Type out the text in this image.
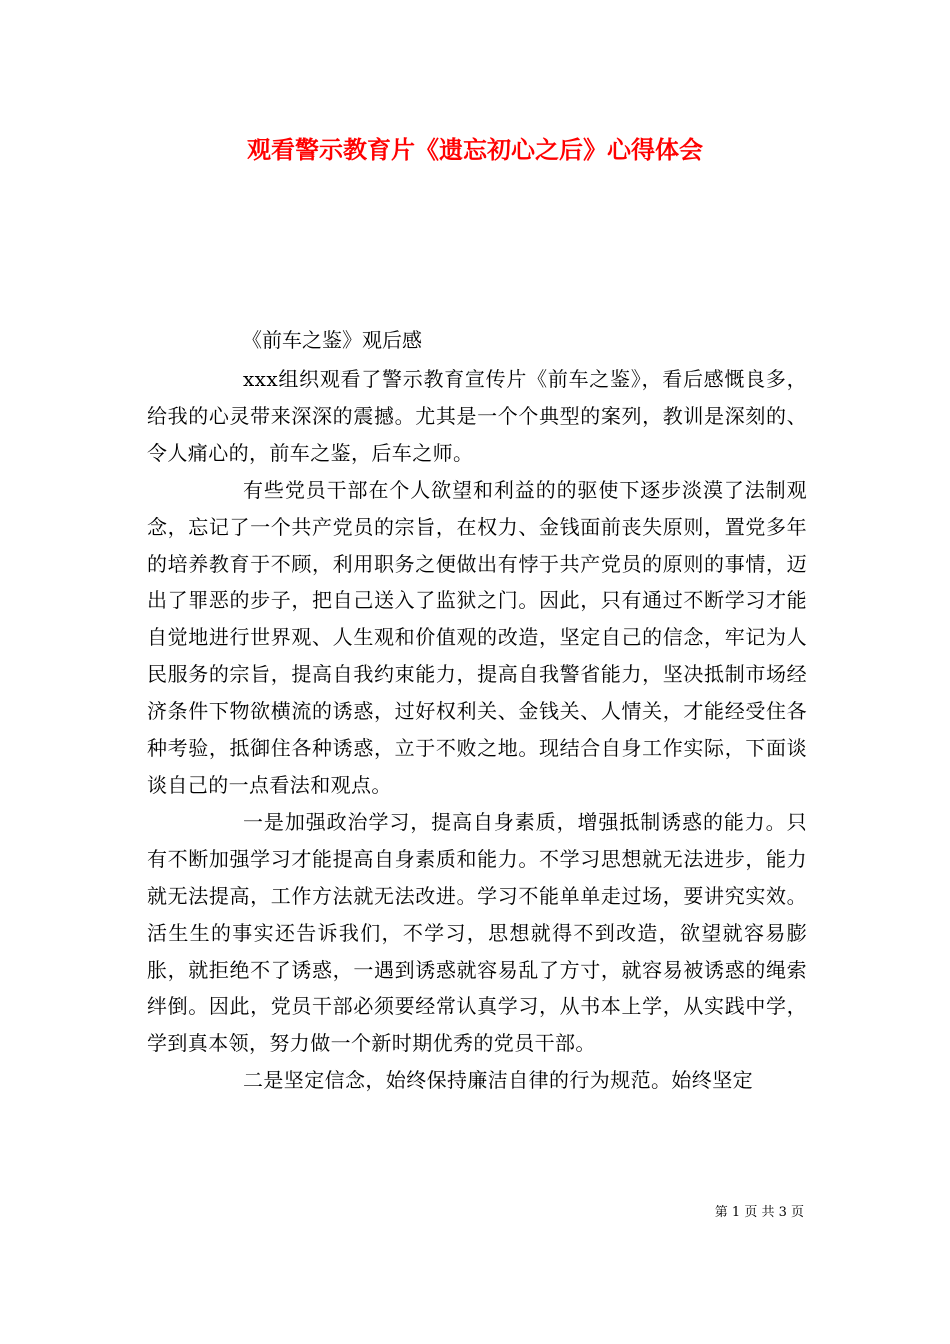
观看警示教育片《遗忘初心之后》心得体会
《前车之鉴》观后感

xxx组织观看了警示教育宣传片《前车之鉴》，看后感慨良多，给我的心灵带来深深的震撼。尤其是一个个典型的案列，教训是深刻的、令人痛心的，前车之鉴，后车之师。

有些党员干部在个人欲望和利益的的驱使下逐步淡漠了法制观念，忘记了一个共产党员的宗旨，在权力、金钱面前丧失原则，置党多年的培养教育于不顾，利用职务之便做出有悖于共产党员的原则的事情，迈出了罪恶的步子，把自己送入了监狱之门。因此，只有通过不断学习才能自觉地进行世界观、人生观和价值观的改造，坚定自己的信念，牢记为人民服务的宗旨，提高自我约束能力，提高自我警省能力，坚决抵制市场经济条件下物欲横流的诱惑，过好权利关、金钱关、人情关，才能经受住各种考验，抵御住各种诱惑，立于不败之地。现结合自身工作实际，下面谈谈自己的一点看法和观点。

一是加强政治学习，提高自身素质，增强抵制诱惑的能力。只有不断加强学习才能提高自身素质和能力。不学习思想就无法进步，能力就无法提高，工作方法就无法改进。学习不能单单走过场，要讲究实效。活生生的事实还告诉我们，不学习，思想就得不到改造，欲望就容易膨胀，就拒绝不了诱惑，一遇到诱惑就容易乱了方寸，就容易被诱惑的绳索绊倒。因此，党员干部必须要经常认真学习，从书本上学，从实践中学，学到真本领，努力做一个新时期优秀的党员干部。

二是坚定信念，始终保持廉洁自律的行为规范。始终坚定

第 1 页 共 3 页
